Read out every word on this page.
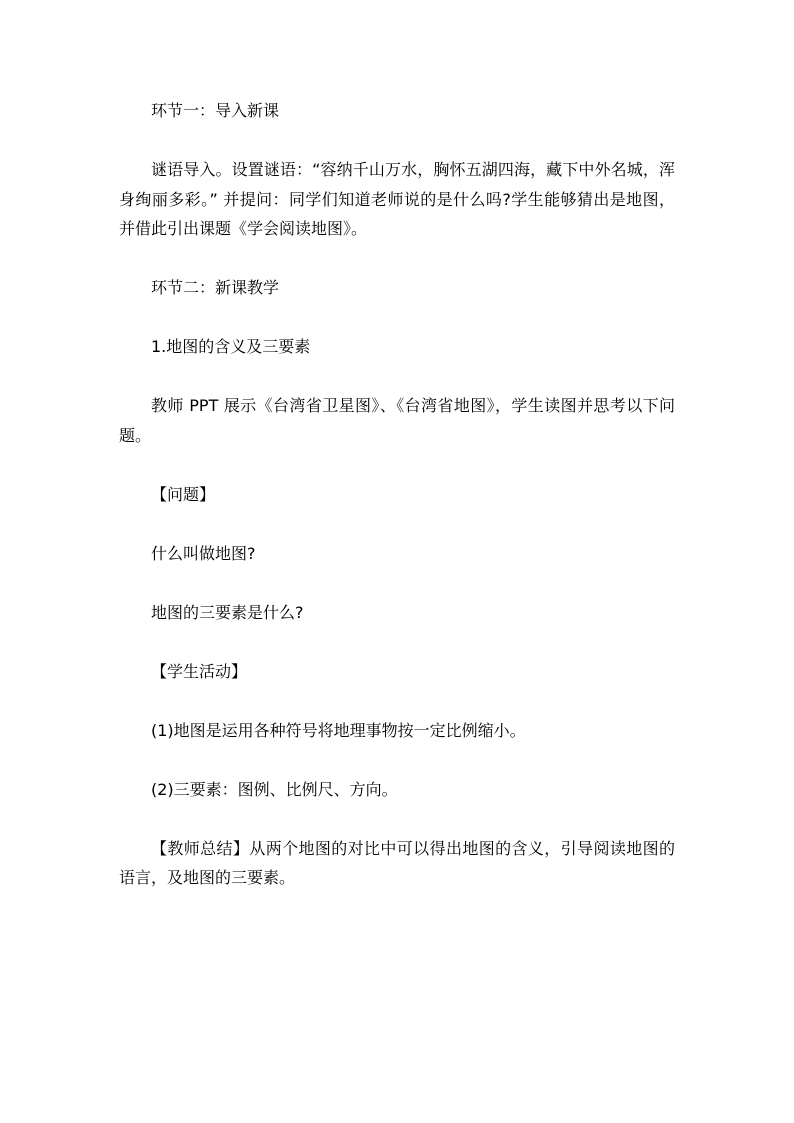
环节一：导入新课

谜语导入。设置谜语：“容纳千山万水，胸怀五湖四海，藏下中外名城，浑身绚丽多彩。” 并提问：同学们知道老师说的是什么吗?学生能够猜出是地图，并借此引出课题《学会阅读地图》。

环节二：新课教学

1.地图的含义及三要素

教师 PPT 展示《台湾省卫星图》、《台湾省地图》，学生读图并思考以下问题。

【问题】

什么叫做地图?

地图的三要素是什么?

【学生活动】

(1)地图是运用各种符号将地理事物按一定比例缩小。

(2)三要素：图例、比例尺、方向。

【教师总结】从两个地图的对比中可以得出地图的含义，引导阅读地图的语言，及地图的三要素。
